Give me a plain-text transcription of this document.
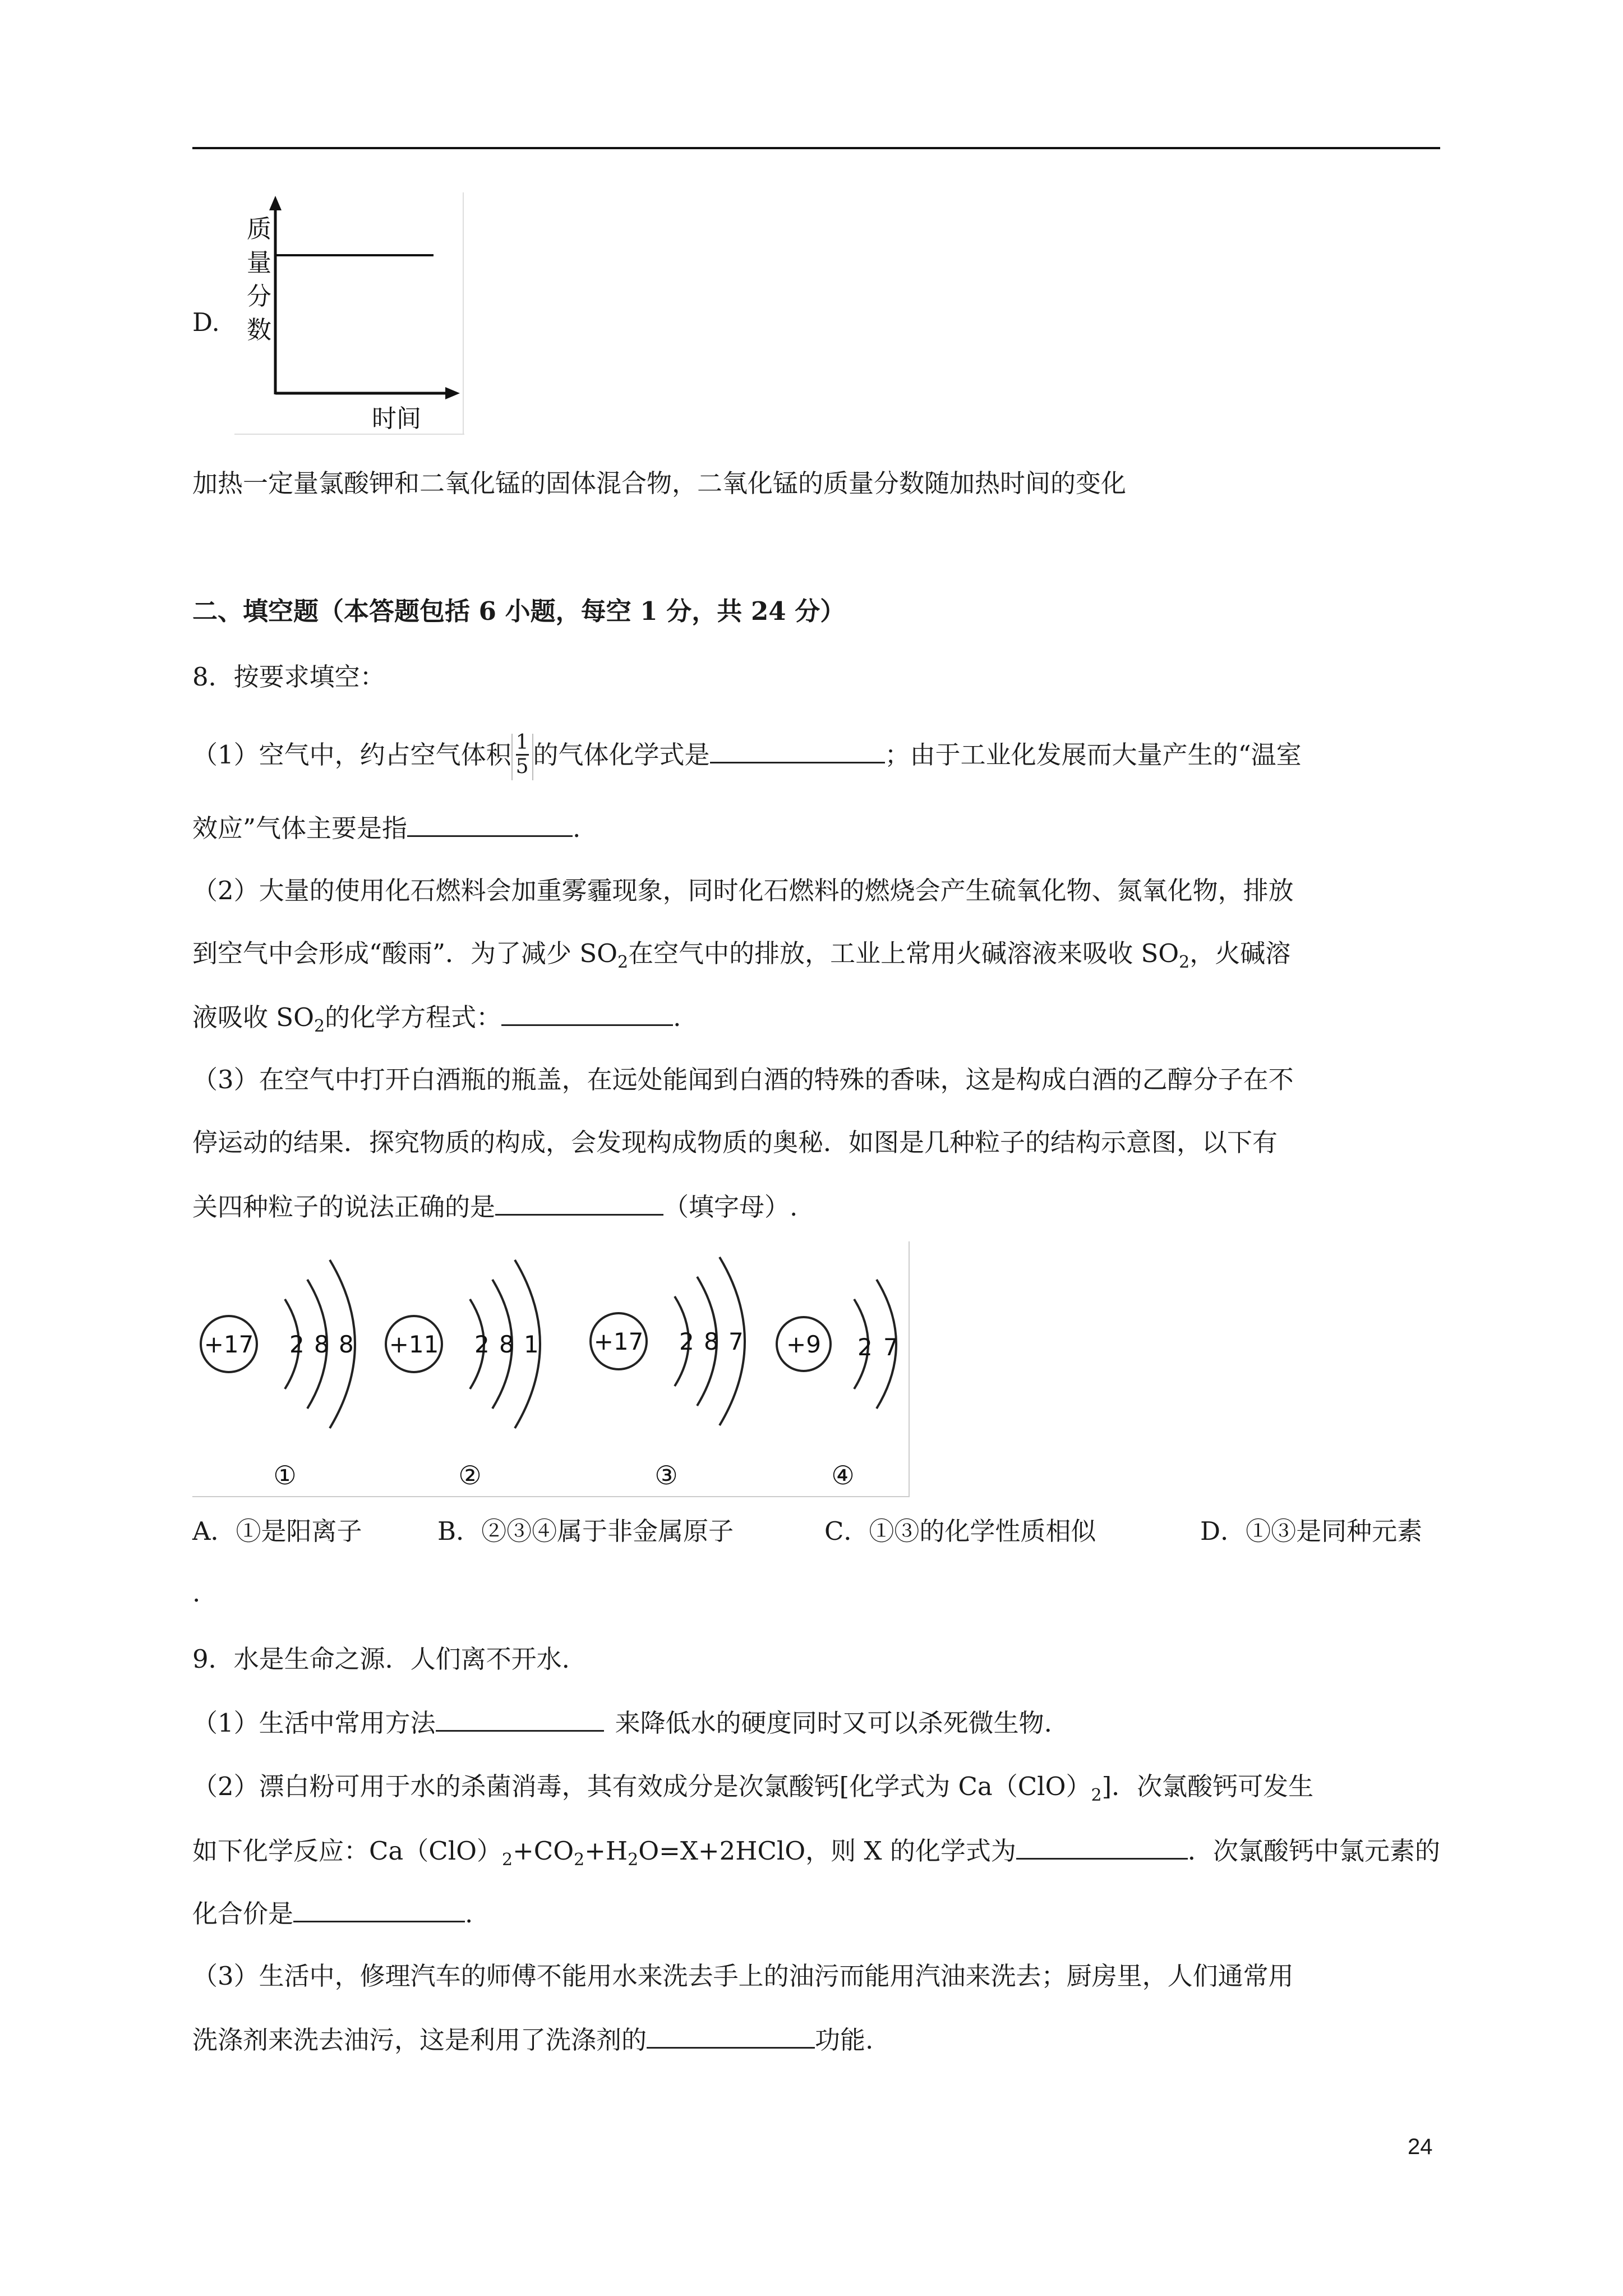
D.
质
量
分
数
时间
加热一定量氯酸钾和二氧化锰的固体混合物，二氧化锰的质量分数随加热时间的变化
二、填空题（本答题包括 6 小题，每空 1 分，共 24 分）
8．按要求填空：
（1）空气中，约占空气体积 $\frac{1}{5}$ 的气体化学式是	；由于工业化发展而大量产生的“温室
效应”气体主要是指	.
（2）大量的使用化石燃料会加重雾霾现象，同时化石燃料的燃烧会产生硫氧化物、氮氧化物，排放
到空气中会形成“酸雨”．为了减少 $SO_2$在空气中的排放，工业上常用火碱溶液来吸收 $SO_2$，火碱溶
液吸收 $SO_2$的化学方程式：	.
（3）在空气中打开白酒瓶的瓶盖，在远处能闻到白酒的特殊的香味，这是构成白酒的乙醇分子在不
停运动的结果．探究物质的构成，会发现构成物质的奥秘．如图是几种粒子的结构示意图，以下有
关四种粒子的说法正确的是	（填字母）.
+17 2 8 8
①
+11 2 8 1
②
+17 2 8 7
③
+9 2 7
④
A．①是阳离子	B．②③④属于非金属原子	C．①③的化学性质相似	D．①③是同种元素
.
9．水是生命之源．人们离不开水.
（1）生活中常用方法	来降低水的硬度同时又可以杀死微生物.
（2）漂白粉可用于水的杀菌消毒，其有效成分是次氯酸钙[化学式为 $Ca(ClO)_2$]．次氯酸钙可发生
如下化学反应：$Ca(ClO)_2+CO_2+H_2O=X+2HClO$，则 X 的化学式为	．次氯酸钙中氯元素的
化合价是	.
（3）生活中，修理汽车的师傅不能用水来洗去手上的油污而能用汽油来洗去；厨房里，人们通常用
洗涤剂来洗去油污，这是利用了洗涤剂的	功能.
24
